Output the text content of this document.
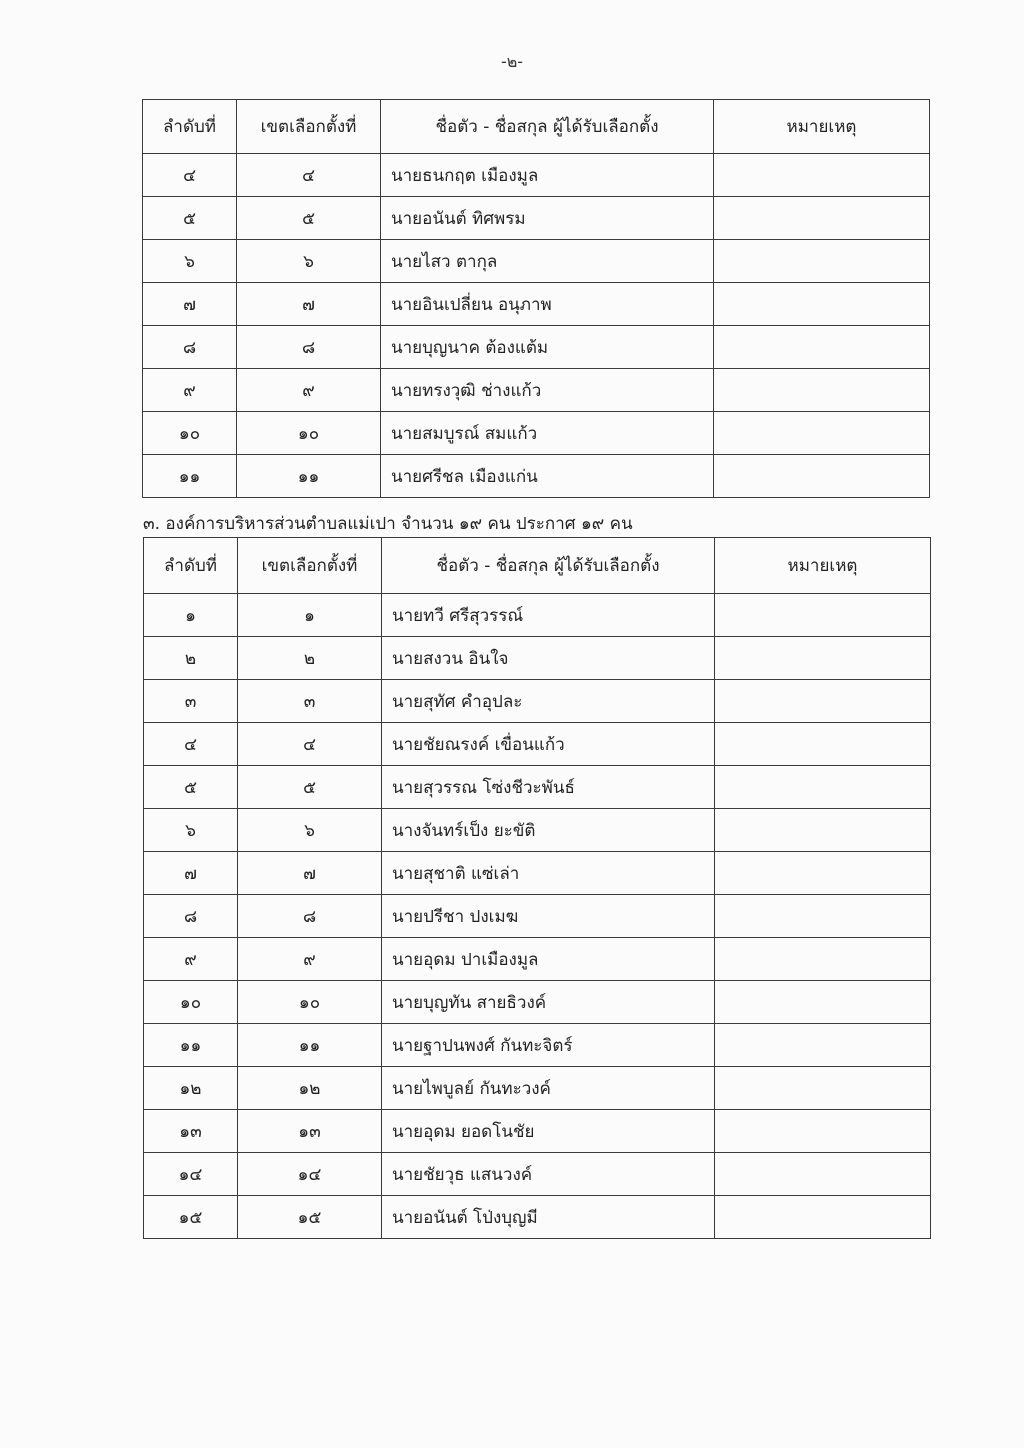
-๒-
ลำดับที่	เขตเลือกตั้งที่	ชื่อตัว - ชื่อสกุล ผู้ได้รับเลือกตั้ง	หมายเหตุ
๔	๔	นายธนกฤต เมืองมูล	
๕	๕	นายอนันต์ ทิศพรม	
๖	๖	นายไสว ตากุล	
๗	๗	นายอินเปลี่ยน อนุภาพ	
๘	๘	นายบุญนาค ต้องแต้ม	
๙	๙	นายทรงวุฒิ ช่างแก้ว	
๑๐	๑๐	นายสมบูรณ์ สมแก้ว	
๑๑	๑๑	นายศรีชล เมืองแก่น	
๓. องค์การบริหารส่วนตำบลแม่เปา จำนวน ๑๙ คน ประกาศ ๑๙ คน
ลำดับที่	เขตเลือกตั้งที่	ชื่อตัว - ชื่อสกุล ผู้ได้รับเลือกตั้ง	หมายเหตุ
๑	๑	นายทวี ศรีสุวรรณ์	
๒	๒	นายสงวน อินใจ	
๓	๓	นายสุทัศ คำอุปละ	
๔	๔	นายชัยณรงค์ เขื่อนแก้ว	
๕	๕	นายสุวรรณ โซ่งชีวะพันธ์	
๖	๖	นางจันทร์เป็ง ยะขัติ	
๗	๗	นายสุชาติ แซ่เล่า	
๘	๘	นายปรีชา ปงเมฆ	
๙	๙	นายอุดม ปาเมืองมูล	
๑๐	๑๐	นายบุญทัน สายธิวงค์	
๑๑	๑๑	นายฐาปนพงศ์ กันทะจิตร์	
๑๒	๑๒	นายไพบูลย์ กันทะวงค์	
๑๓	๑๓	นายอุดม ยอดโนชัย	
๑๔	๑๔	นายชัยวุธ แสนวงค์	
๑๕	๑๕	นายอนันต์ โป่งบุญมี	
